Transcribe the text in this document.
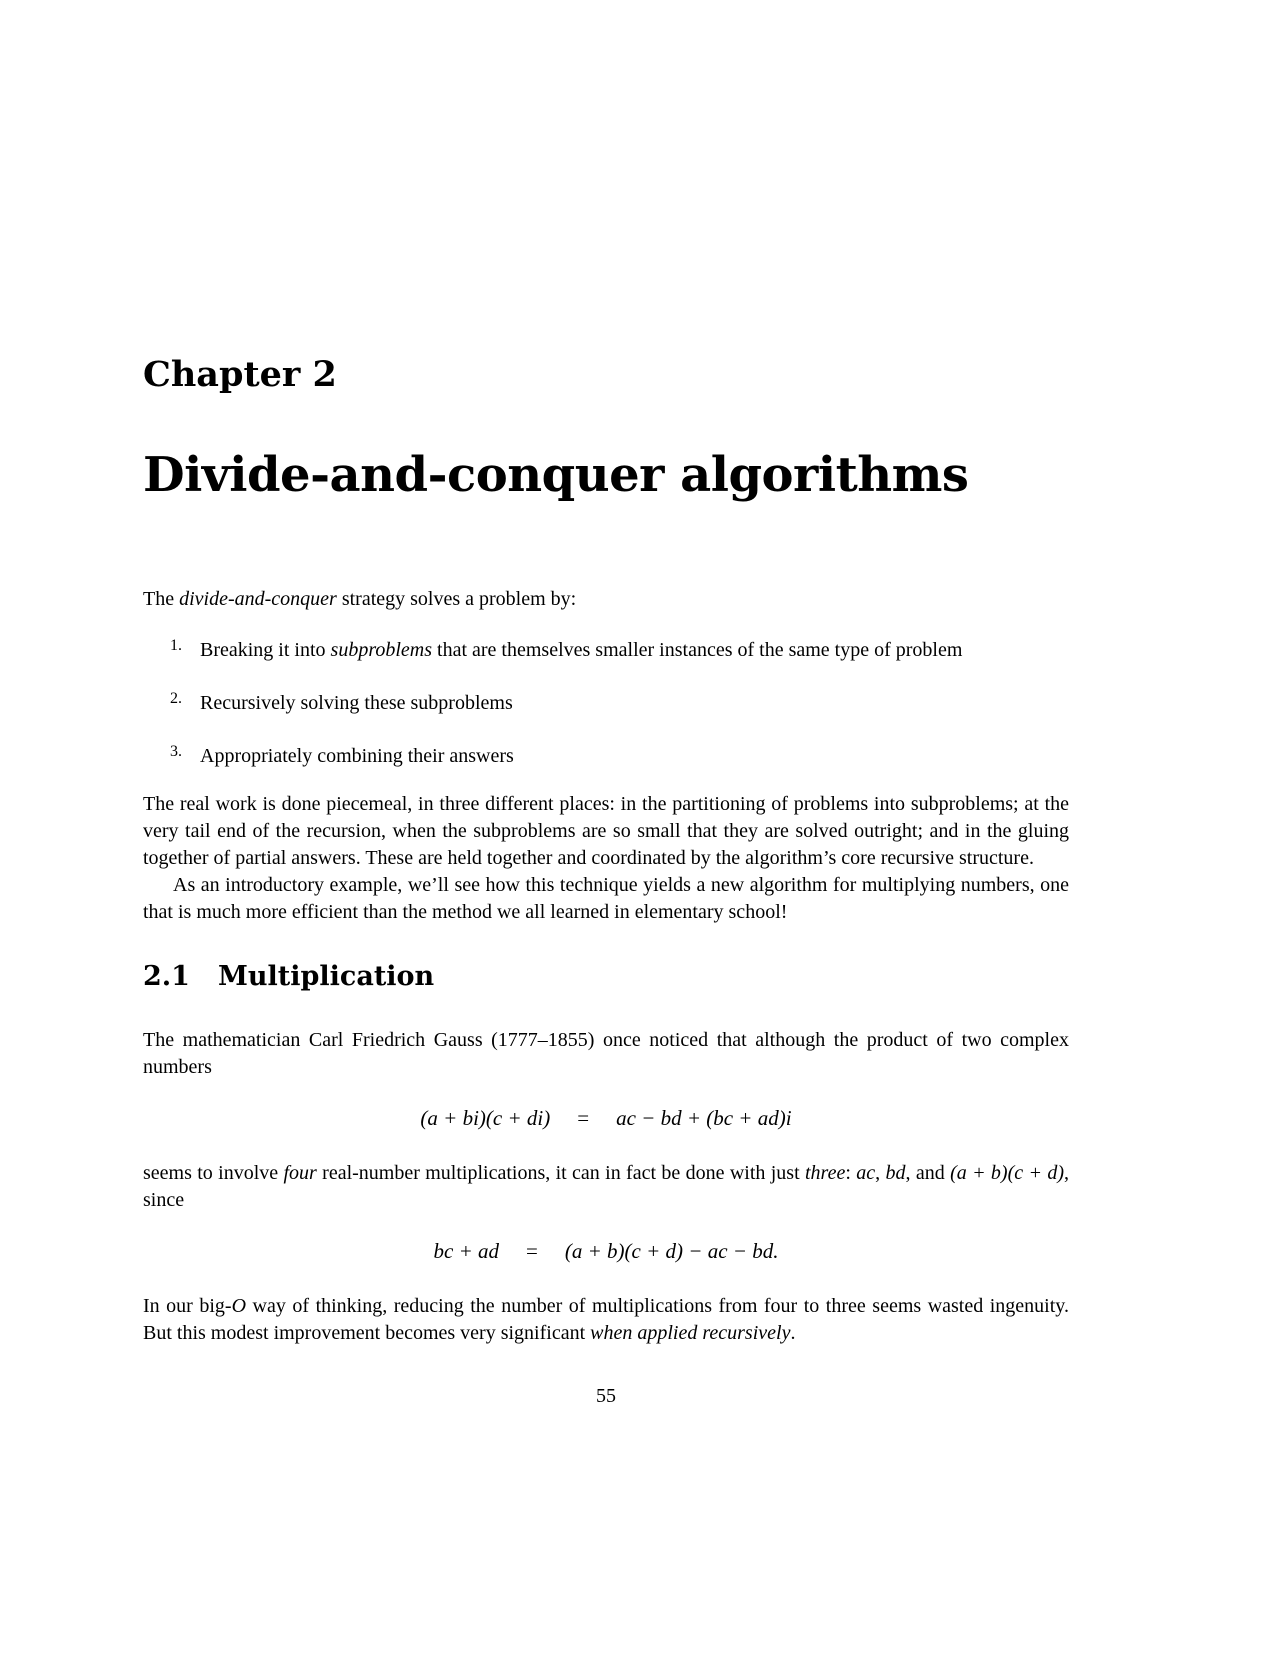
Chapter 2
Divide-and-conquer algorithms

The divide-and-conquer strategy solves a problem by:

1. Breaking it into subproblems that are themselves smaller instances of the same type of problem
2. Recursively solving these subproblems
3. Appropriately combining their answers

The real work is done piecemeal, in three different places: in the partitioning of problems into subproblems; at the very tail end of the recursion, when the subproblems are so small that they are solved outright; and in the gluing together of partial answers. These are held together and coordinated by the algorithm’s core recursive structure.

As an introductory example, we’ll see how this technique yields a new algorithm for multiplying numbers, one that is much more efficient than the method we all learned in elementary school!

2.1 Multiplication

The mathematician Carl Friedrich Gauss (1777–1855) once noticed that although the product of two complex numbers

(a + bi)(c + di) = ac − bd + (bc + ad)i

seems to involve four real-number multiplications, it can in fact be done with just three: ac, bd, and (a + b)(c + d), since

bc + ad = (a + b)(c + d) − ac − bd.

In our big-O way of thinking, reducing the number of multiplications from four to three seems wasted ingenuity. But this modest improvement becomes very significant when applied recursively.

55
